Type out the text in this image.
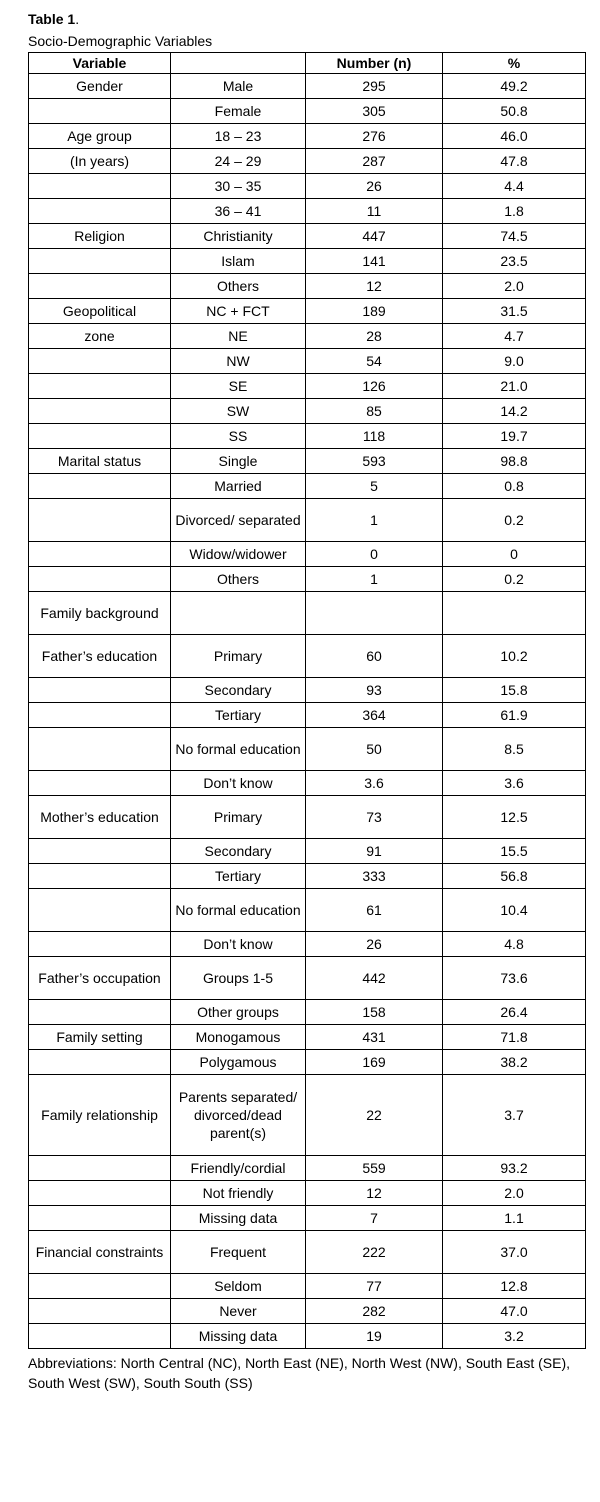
Table 1.
Socio-Demographic Variables
Variable		Number (n)	%
Gender	Male	295	49.2
	Female	305	50.8
Age group	18 – 23	276	46.0
(In years)	24 – 29	287	47.8
	30 – 35	26	4.4
	36 – 41	11	1.8
Religion	Christianity	447	74.5
	Islam	141	23.5
	Others	12	2.0
Geopolitical	NC + FCT	189	31.5
zone	NE	28	4.7
	NW	54	9.0
	SE	126	21.0
	SW	85	14.2
	SS	118	19.7
Marital status	Single	593	98.8
	Married	5	0.8
	Divorced/ separated	1	0.2
	Widow/widower	0	0
	Others	1	0.2
Family background			
Father’s education	Primary	60	10.2
	Secondary	93	15.8
	Tertiary	364	61.9
	No formal education	50	8.5
	Don’t know	3.6	3.6
Mother’s education	Primary	73	12.5
	Secondary	91	15.5
	Tertiary	333	56.8
	No formal education	61	10.4
	Don’t know	26	4.8
Father’s occupation	Groups 1-5	442	73.6
	Other groups	158	26.4
Family setting	Monogamous	431	71.8
	Polygamous	169	38.2
Family relationship	Parents separated/ divorced/dead parent(s)	22	3.7
	Friendly/cordial	559	93.2
	Not friendly	12	2.0
	Missing data	7	1.1
Financial constraints	Frequent	222	37.0
	Seldom	77	12.8
	Never	282	47.0
	Missing data	19	3.2
Abbreviations: North Central (NC), North East (NE), North West (NW), South East (SE), South West (SW), South South (SS)
